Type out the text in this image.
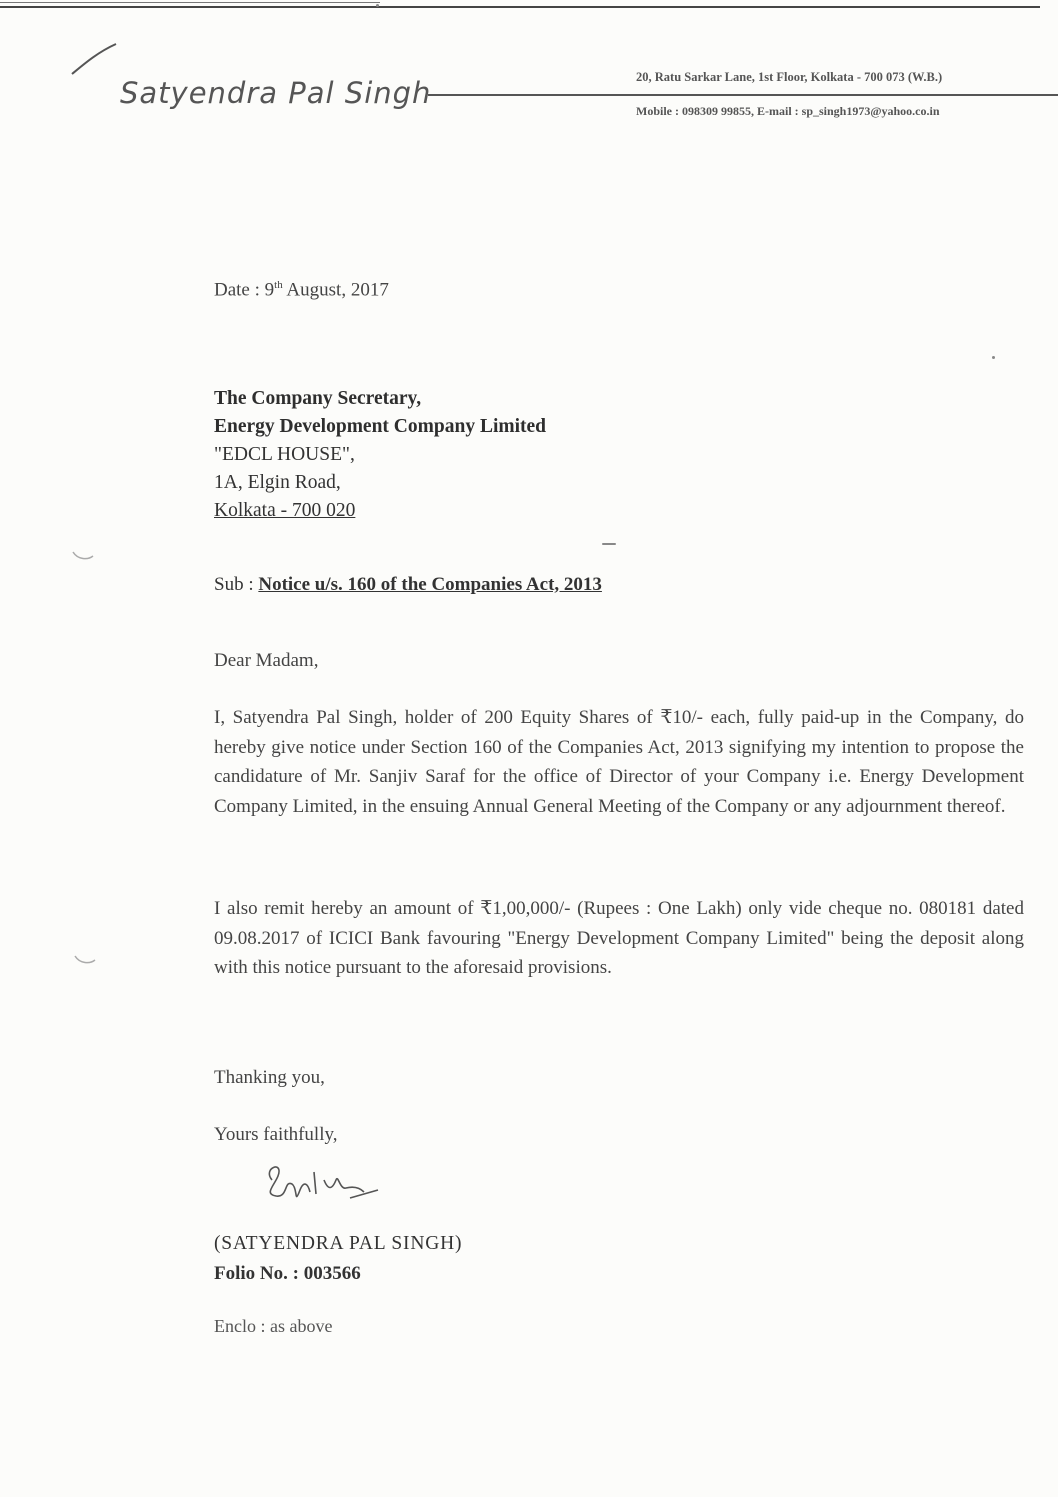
Satyendra Pal Singh	20, Ratu Sarkar Lane, 1st Floor, Kolkata - 700 073 (W.B.)
Mobile : 098309 99855, E-mail : sp_singh1973@yahoo.co.in
Date : 9th August, 2017
The Company Secretary,
Energy Development Company Limited
"EDCL HOUSE",
1A, Elgin Road,
Kolkata - 700 020
Sub : Notice u/s. 160 of the Companies Act, 2013
Dear Madam,
I, Satyendra Pal Singh, holder of 200 Equity Shares of ₹10/- each, fully paid-up in the Company, do hereby give notice under Section 160 of the Companies Act, 2013 signifying my intention to propose the candidature of Mr. Sanjiv Saraf for the office of Director of your Company i.e. Energy Development Company Limited, in the ensuing Annual General Meeting of the Company or any adjournment thereof.
I also remit hereby an amount of ₹1,00,000/- (Rupees : One Lakh) only vide cheque no. 080181 dated 09.08.2017 of ICICI Bank favouring "Energy Development Company Limited" being the deposit along with this notice pursuant to the aforesaid provisions.
Thanking you,
Yours faithfully,
(SATYENDRA PAL SINGH)
Folio No. : 003566
Enclo : as above
